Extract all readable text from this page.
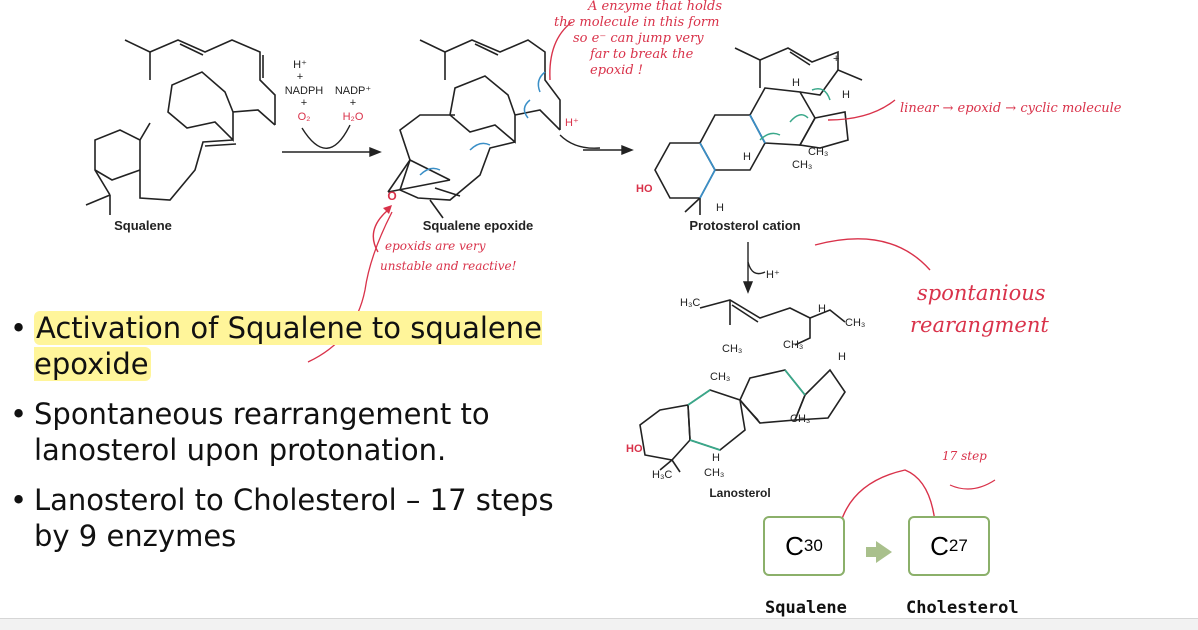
Squalene
H⁺
+
NADPH NADP⁺
+	+
O₂	H₂O
O
Squalene epoxide
H⁺
+
H
H
H
H
CH₃
CH₃
HO
Protosterol cation
H⁺
H₃C	H
CH₃
CH₃	CH₃
H
CH₃
CH₃
H
H₃C	CH₃
HO
Lanosterol
A enzyme that holds
the molecule in this form
so e⁻ can jump very
far to break the
epoxid !
epoxids are very
unstable and reactive!
linear → epoxid → cyclic molecule
spontanious
rearangment
17 step
• Activation of Squalene to squalene epoxide
• Spontaneous rearrangement to lanosterol upon protonation.
• Lanosterol to Cholesterol – 17 steps by 9 enzymes	C 30	C 27
Squalene	Cholesterol
